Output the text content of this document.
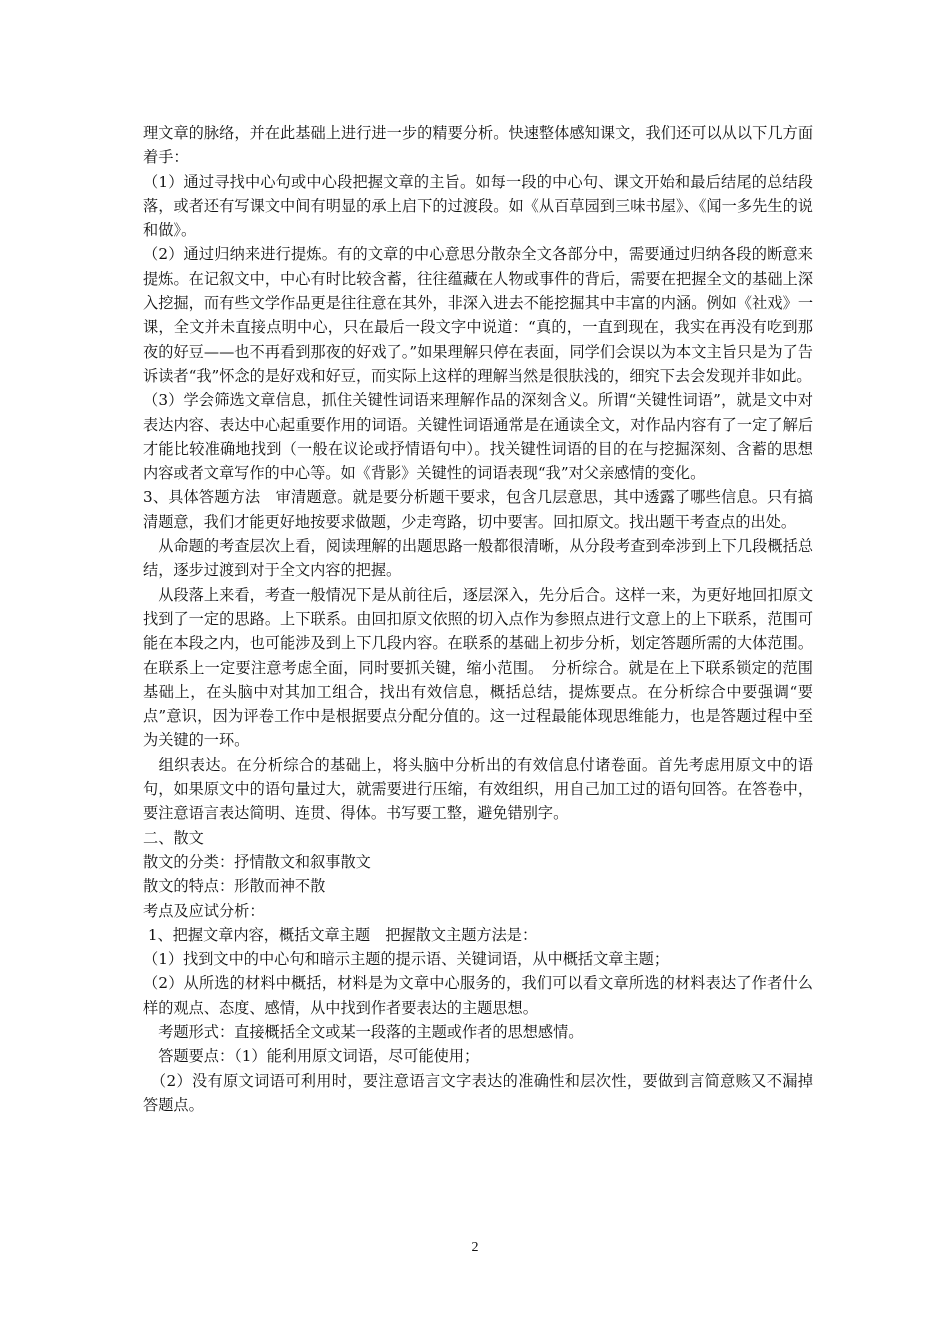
理文章的脉络，并在此基础上进行进一步的精要分析。快速整体感知课文，我们还可以从以下几方面着手：

（1）通过寻找中心句或中心段把握文章的主旨。如每一段的中心句、课文开始和最后结尾的总结段落，或者还有写课文中间有明显的承上启下的过渡段。如《从百草园到三味书屋》、《闻一多先生的说和做》。

（2）通过归纳来进行提炼。有的文章的中心意思分散杂全文各部分中，需要通过归纳各段的断意来提炼。在记叙文中，中心有时比较含蓄，往往蕴藏在人物或事件的背后，需要在把握全文的基础上深入挖掘，而有些文学作品更是往往意在其外，非深入进去不能挖掘其中丰富的内涵。例如《社戏》一课，全文并未直接点明中心，只在最后一段文字中说道：“真的，一直到现在，我实在再没有吃到那夜的好豆——也不再看到那夜的好戏了。”如果理解只停在表面，同学们会误以为本文主旨只是为了告诉读者“我”怀念的是好戏和好豆，而实际上这样的理解当然是很肤浅的，细究下去会发现并非如此。

（3）学会筛选文章信息，抓住关键性词语来理解作品的深刻含义。所谓“关键性词语”，就是文中对表达内容、表达中心起重要作用的词语。关键性词语通常是在通读全文，对作品内容有了一定了解后才能比较准确地找到（一般在议论或抒情语句中）。找关键性词语的目的在与挖掘深刻、含蓄的思想内容或者文章写作的中心等。如《背影》关键性的词语表现“我”对父亲感情的变化。

3、具体答题方法　审清题意。就是要分析题干要求，包含几层意思，其中透露了哪些信息。只有搞清题意，我们才能更好地按要求做题，少走弯路，切中要害。回扣原文。找出题干考查点的出处。

　从命题的考查层次上看，阅读理解的出题思路一般都很清晰，从分段考查到牵涉到上下几段概括总结，逐步过渡到对于全文内容的把握。

　从段落上来看，考查一般情况下是从前往后，逐层深入，先分后合。这样一来，为更好地回扣原文找到了一定的思路。上下联系。由回扣原文依照的切入点作为参照点进行文意上的上下联系，范围可能在本段之内，也可能涉及到上下几段内容。在联系的基础上初步分析，划定答题所需的大体范围。在联系上一定要注意考虑全面，同时要抓关键，缩小范围。　分析综合。就是在上下联系锁定的范围基础上，在头脑中对其加工组合，找出有效信息，概括总结，提炼要点。在分析综合中要强调“要点”意识，因为评卷工作中是根据要点分配分值的。这一过程最能体现思维能力，也是答题过程中至为关键的一环。

　组织表达。在分析综合的基础上，将头脑中分析出的有效信息付诸卷面。首先考虑用原文中的语句，如果原文中的语句量过大，就需要进行压缩，有效组织，用自己加工过的语句回答。在答卷中，要注意语言表达简明、连贯、得体。书写要工整，避免错别字。

二、散文

散文的分类：抒情散文和叙事散文

散文的特点：形散而神不散

考点及应试分析：

1、把握文章内容，概括文章主题　把握散文主题方法是：

（1）找到文中的中心句和暗示主题的提示语、关键词语，从中概括文章主题；

（2）从所选的材料中概括，材料是为文章中心服务的，我们可以看文章所选的材料表达了作者什么样的观点、态度、感情，从中找到作者要表达的主题思想。

　考题形式：直接概括全文或某一段落的主题或作者的思想感情。

　答题要点：（1）能利用原文词语，尽可能使用；

　（2）没有原文词语可利用时，要注意语言文字表达的准确性和层次性，要做到言简意赅又不漏掉答题点。

2
